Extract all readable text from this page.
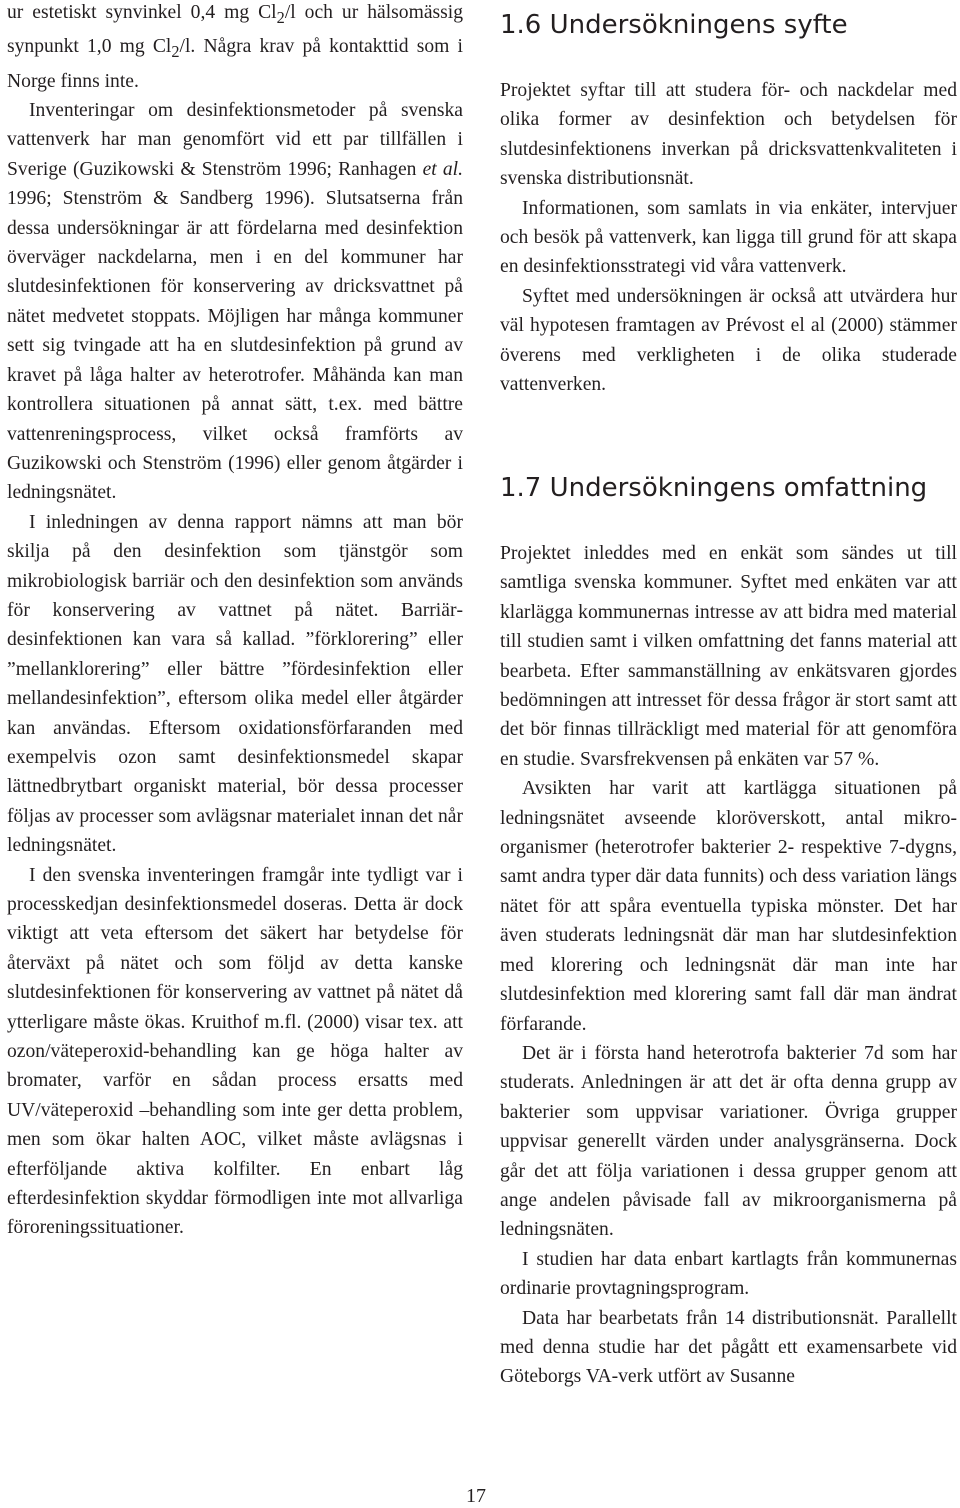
ur estetiskt synvinkel 0,4 mg $Cl_2/l$ och ur hälsomässig synpunkt 1,0 mg $Cl_2/l$. Några krav på kontakttid som i Norge finns inte.

Inventeringar om desinfektionsmetoder på svenska vattenverk har man genomfört vid ett par tillfällen i Sverige (Guzikowski & Stenström 1996; Ranhagen et al. 1996; Stenström & Sandberg 1996). Slutsatserna från dessa undersökningar är att fördelarna med desinfektion överväger nackdelarna, men i en del kommuner har slutdesinfektionen för konservering av dricksvattnet på nätet medvetet stoppats. Möjligen har många kommuner sett sig tvingade att ha en slutdesinfektion på grund av kravet på låga halter av heterotrofer. Måhända kan man kontrollera situationen på annat sätt, t.ex. med bättre vattenreningsprocess, vilket också framförts av Guzikowski och Stenström (1996) eller genom åtgärder i ledningsnätet.

I inledningen av denna rapport nämns att man bör skilja på den desinfektion som tjänstgör som mikrobiologisk barriär och den desinfektion som används för konservering av vattnet på nätet. Barriärdesinfektionen kan vara så kallad. ”förklorering” eller ”mellanklorering” eller bättre ”fördesinfektion eller mellandesinfektion”, eftersom olika medel eller åtgärder kan användas. Eftersom oxidationsförfaranden med exempelvis ozon samt desinfektionsmedel skapar lättnedbrytbart organiskt material, bör dessa processer följas av processer som avlägsnar materialet innan det når ledningsnätet.

I den svenska inventeringen framgår inte tydligt var i processkedjan desinfektionsmedel doseras. Detta är dock viktigt att veta eftersom det säkert har betydelse för återväxt på nätet och som följd av detta kanske slutdesinfektionen för konservering av vattnet på nätet då ytterligare måste ökas. Kruithof m.fl. (2000) visar tex. att ozon/väteperoxid-behandling kan ge höga halter av bromater, varför en sådan process ersatts med UV/väteperoxid –behandling som inte ger detta problem, men som ökar halten AOC, vilket måste avlägsnas i efterföljande aktiva kolfilter. En enbart låg efterdesinfektion skyddar förmodligen inte mot allvarliga föroreningssituationer.

1.6 Undersökningens syfte

Projektet syftar till att studera för- och nackdelar med olika former av desinfektion och betydelsen för slutdesinfektionens inverkan på dricksvattenkvaliteten i svenska distributionsnät.

Informationen, som samlats in via enkäter, intervjuer och besök på vattenverk, kan ligga till grund för att skapa en desinfektionsstrategi vid våra vattenverk.

Syftet med undersökningen är också att utvärdera hur väl hypotesen framtagen av Prévost el al (2000) stämmer överens med verkligheten i de olika studerade vattenverken.

1.7 Undersökningens omfattning

Projektet inleddes med en enkät som sändes ut till samtliga svenska kommuner. Syftet med enkäten var att klarlägga kommunernas intresse av att bidra med material till studien samt i vilken omfattning det fanns material att bearbeta. Efter sammanställning av enkätsvaren gjordes bedömningen att intresset för dessa frågor är stort samt att det bör finnas tillräckligt med material för att genomföra en studie. Svarsfrekvensen på enkäten var 57 %.

Avsikten har varit att kartlägga situationen på ledningsnätet avseende kloröverskott, antal mikroorganismer (heterotrofer bakterier 2- respektive 7-dygns, samt andra typer där data funnits) och dess variation längs nätet för att spåra eventuella typiska mönster. Det har även studerats ledningsnät där man har slutdesinfektion med klorering och ledningsnät där man inte har slutdesinfektion med klorering samt fall där man ändrat förfarande.

Det är i första hand heterotrofa bakterier 7d som har studerats. Anledningen är att det är ofta denna grupp av bakterier som uppvisar variationer. Övriga grupper uppvisar generellt värden under analysgränserna. Dock går det att följa variationen i dessa grupper genom att ange andelen påvisade fall av mikroorganismerna på ledningsnäten.

I studien har data enbart kartlagts från kommunernas ordinarie provtagningsprogram.

Data har bearbetats från 14 distributionsnät. Parallellt med denna studie har det pågått ett examensarbete vid Göteborgs VA-verk utfört av Susanne

17
